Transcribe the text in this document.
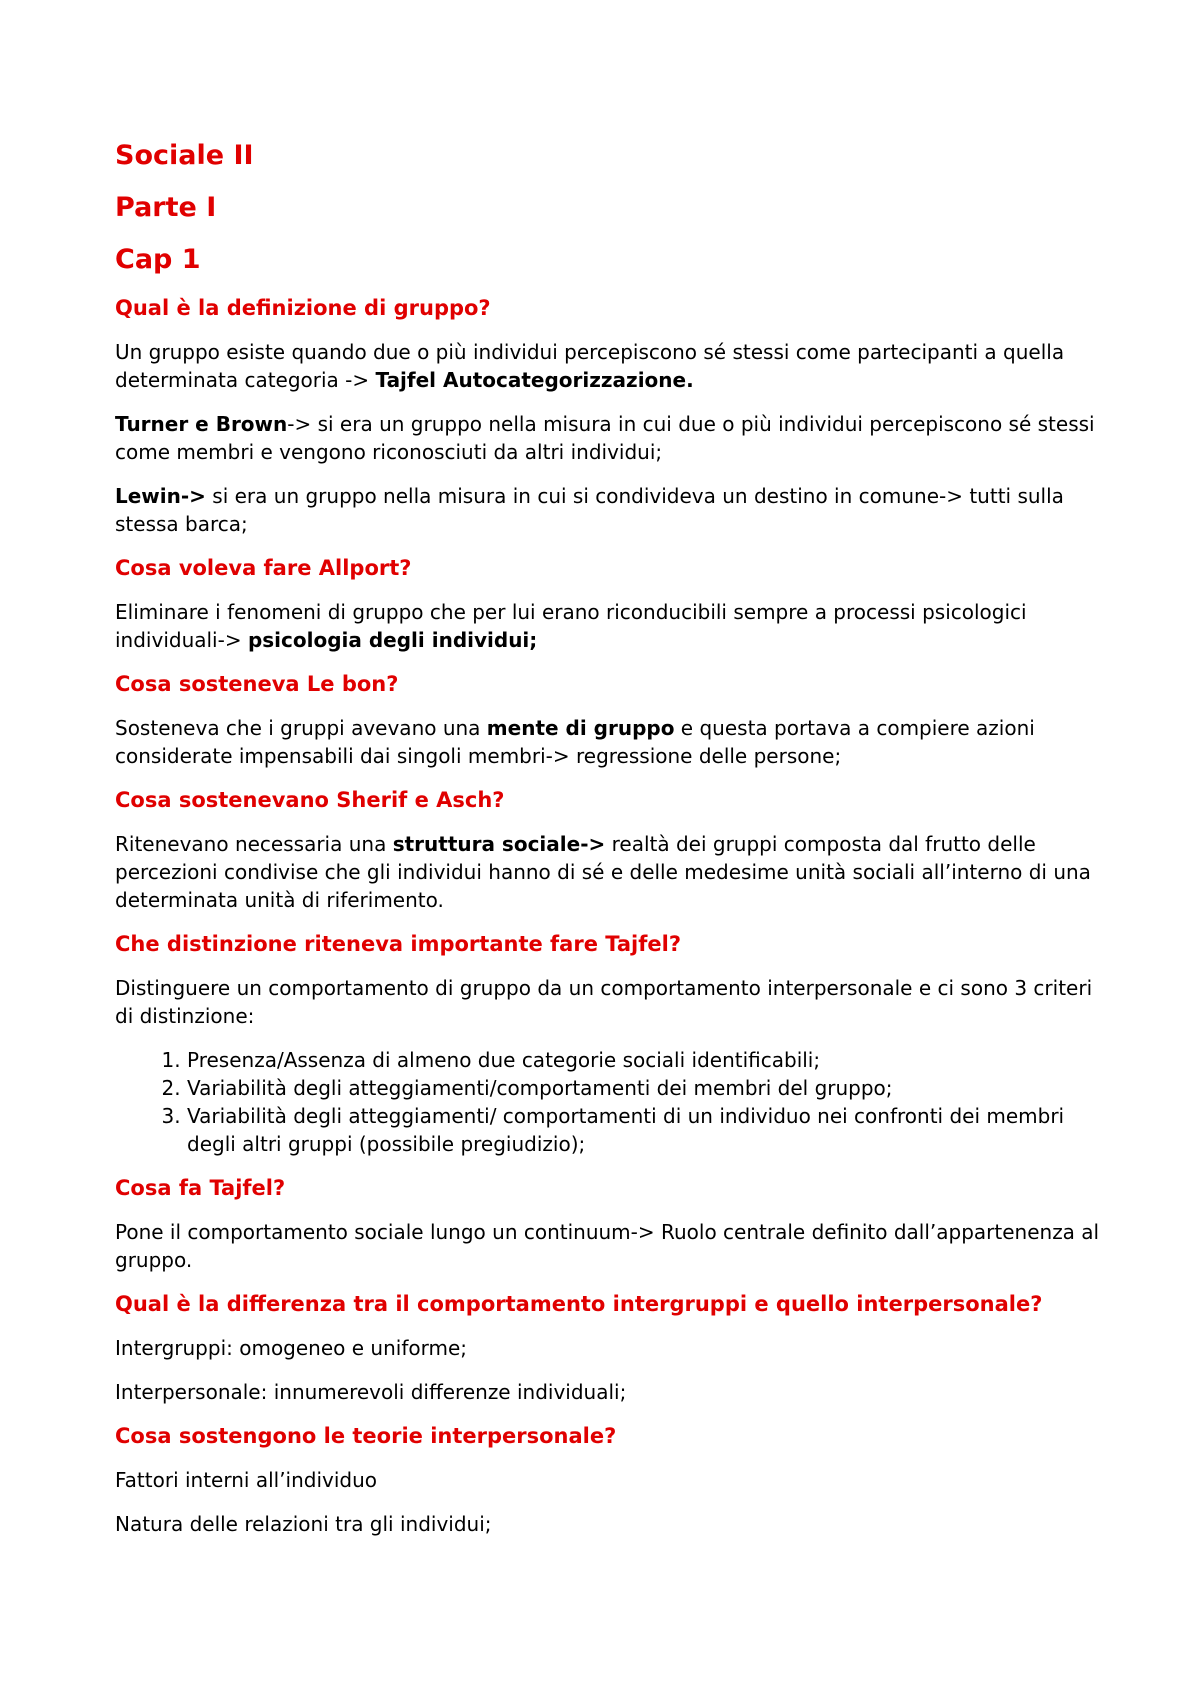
Sociale II
Parte I
Cap 1
Qual è la definizione di gruppo?
Un gruppo esiste quando due o più individui percepiscono sé stessi come partecipanti a quella determinata categoria -> Tajfel Autocategorizzazione.
Turner e Brown-> si era un gruppo nella misura in cui due o più individui percepiscono sé stessi come membri e vengono riconosciuti da altri individui;
Lewin-> si era un gruppo nella misura in cui si condivideva un destino in comune-> tutti sulla stessa barca;
Cosa voleva fare Allport?
Eliminare i fenomeni di gruppo che per lui erano riconducibili sempre a processi psicologici individuali-> psicologia degli individui;
Cosa sosteneva Le bon?
Sosteneva che i gruppi avevano una mente di gruppo e questa portava a compiere azioni considerate impensabili dai singoli membri-> regressione delle persone;
Cosa sostenevano Sherif e Asch?
Ritenevano necessaria una struttura sociale-> realtà dei gruppi composta dal frutto delle percezioni condivise che gli individui hanno di sé e delle medesime unità sociali all’interno di una determinata unità di riferimento.
Che distinzione riteneva importante fare Tajfel?
Distinguere un comportamento di gruppo da un comportamento interpersonale e ci sono 3 criteri di distinzione:
1. Presenza/Assenza di almeno due categorie sociali identificabili;
2. Variabilità degli atteggiamenti/comportamenti dei membri del gruppo;
3. Variabilità degli atteggiamenti/ comportamenti di un individuo nei confronti dei membri degli altri gruppi (possibile pregiudizio);
Cosa fa Tajfel?
Pone il comportamento sociale lungo un continuum-> Ruolo centrale definito dall’appartenenza al gruppo.
Qual è la differenza tra il comportamento intergruppi e quello interpersonale?
Intergruppi: omogeneo e uniforme;
Interpersonale: innumerevoli differenze individuali;
Cosa sostengono le teorie interpersonale?
Fattori interni all’individuo
Natura delle relazioni tra gli individui;
